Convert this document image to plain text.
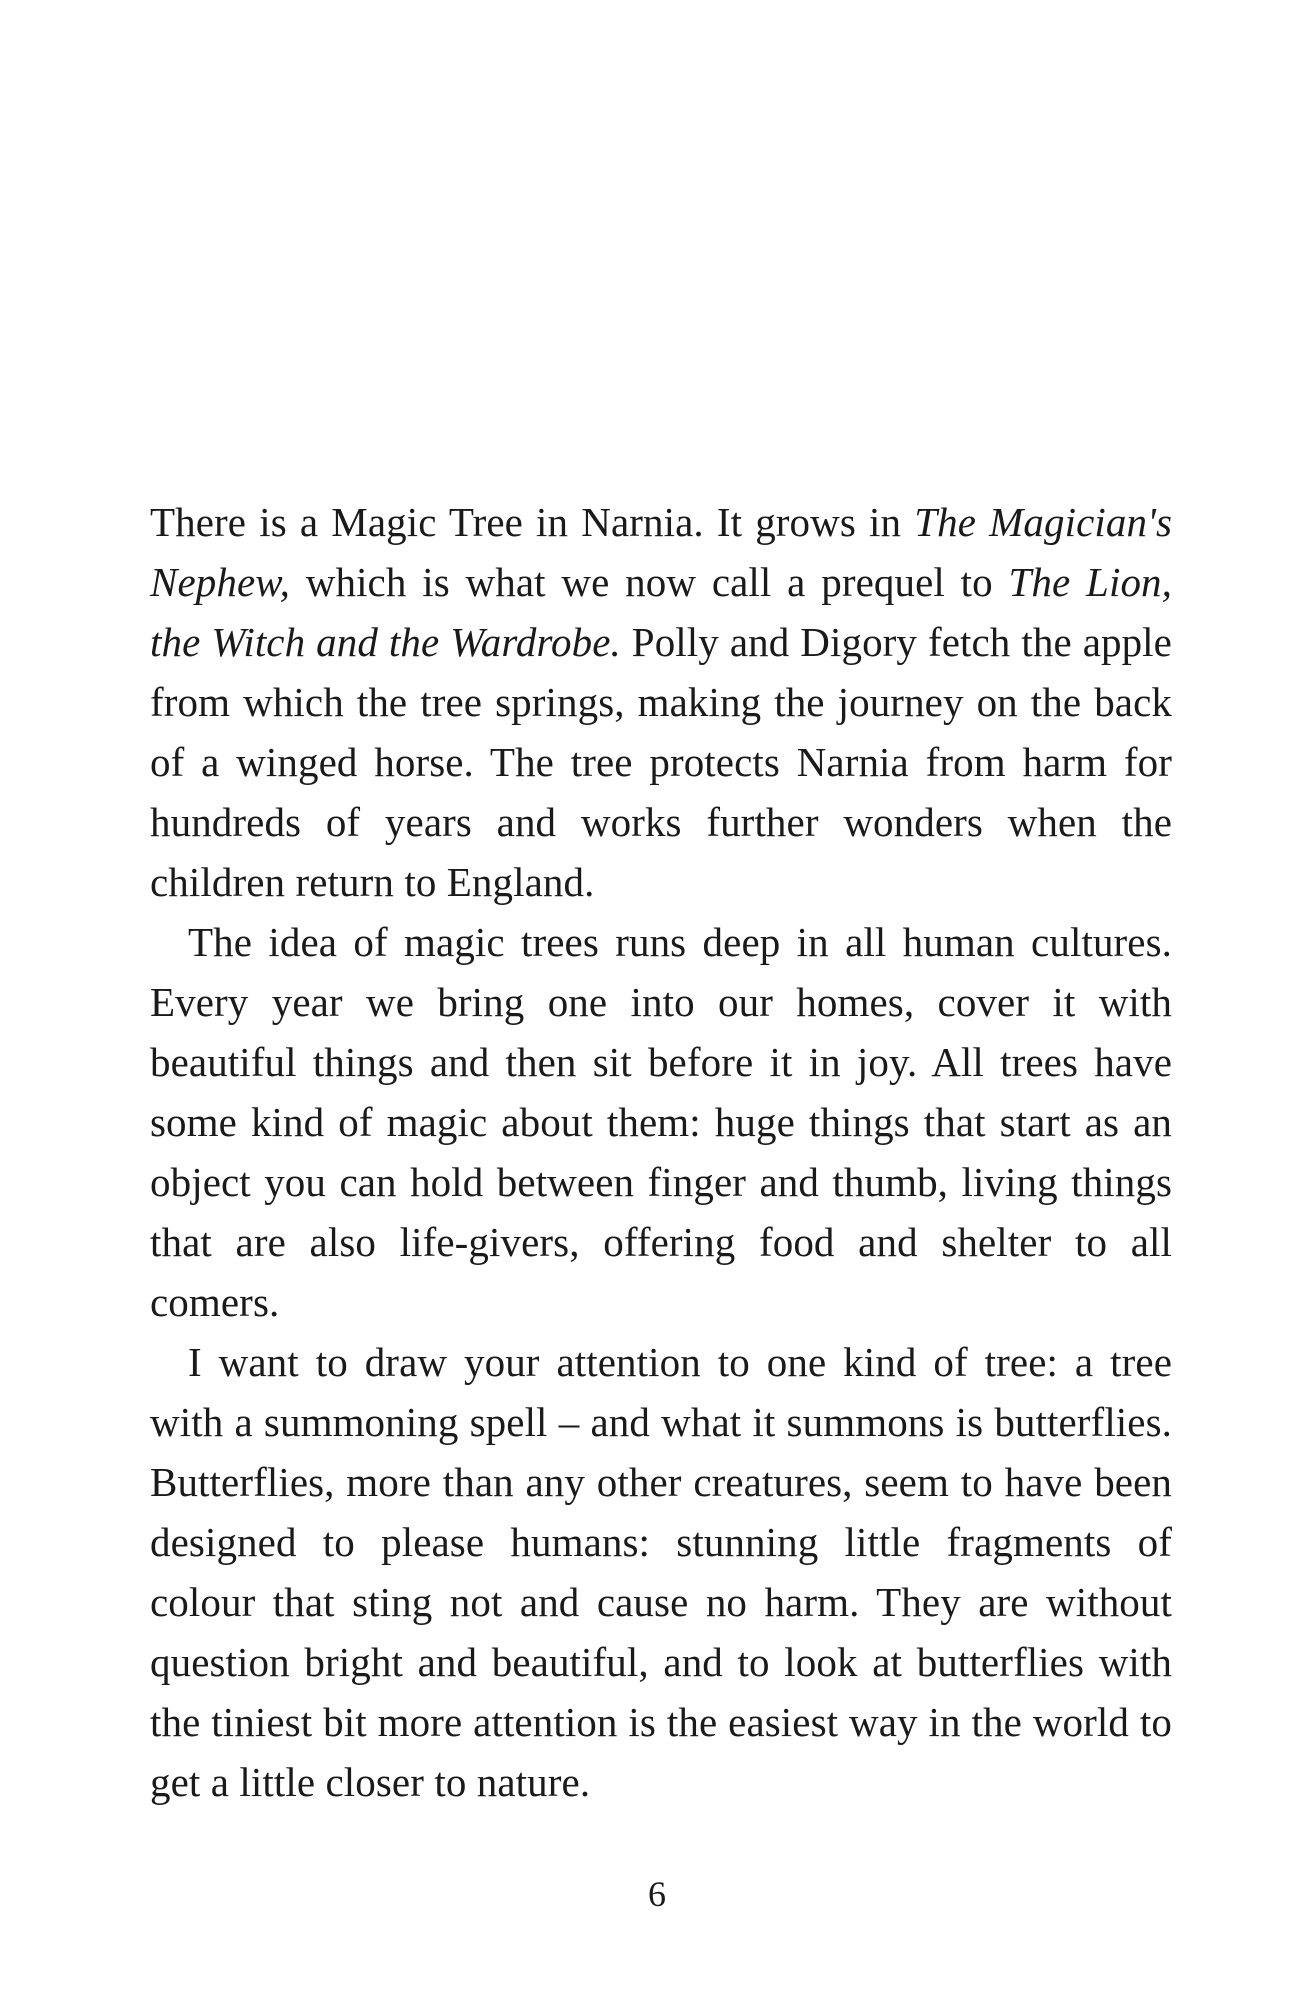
There is a Magic Tree in Narnia. It grows in The Magician's Nephew, which is what we now call a prequel to The Lion, the Witch and the Wardrobe. Polly and Digory fetch the apple from which the tree springs, making the journey on the back of a winged horse. The tree protects Narnia from harm for hundreds of years and works further wonders when the children return to England.

The idea of magic trees runs deep in all human cultures. Every year we bring one into our homes, cover it with beautiful things and then sit before it in joy. All trees have some kind of magic about them: huge things that start as an object you can hold between finger and thumb, living things that are also life-givers, offering food and shelter to all comers.

I want to draw your attention to one kind of tree: a tree with a summoning spell – and what it summons is butterflies. Butterflies, more than any other creatures, seem to have been designed to please humans: stunning little fragments of colour that sting not and cause no harm. They are without question bright and beautiful, and to look at butterflies with the tiniest bit more attention is the easiest way in the world to get a little closer to nature.

6
